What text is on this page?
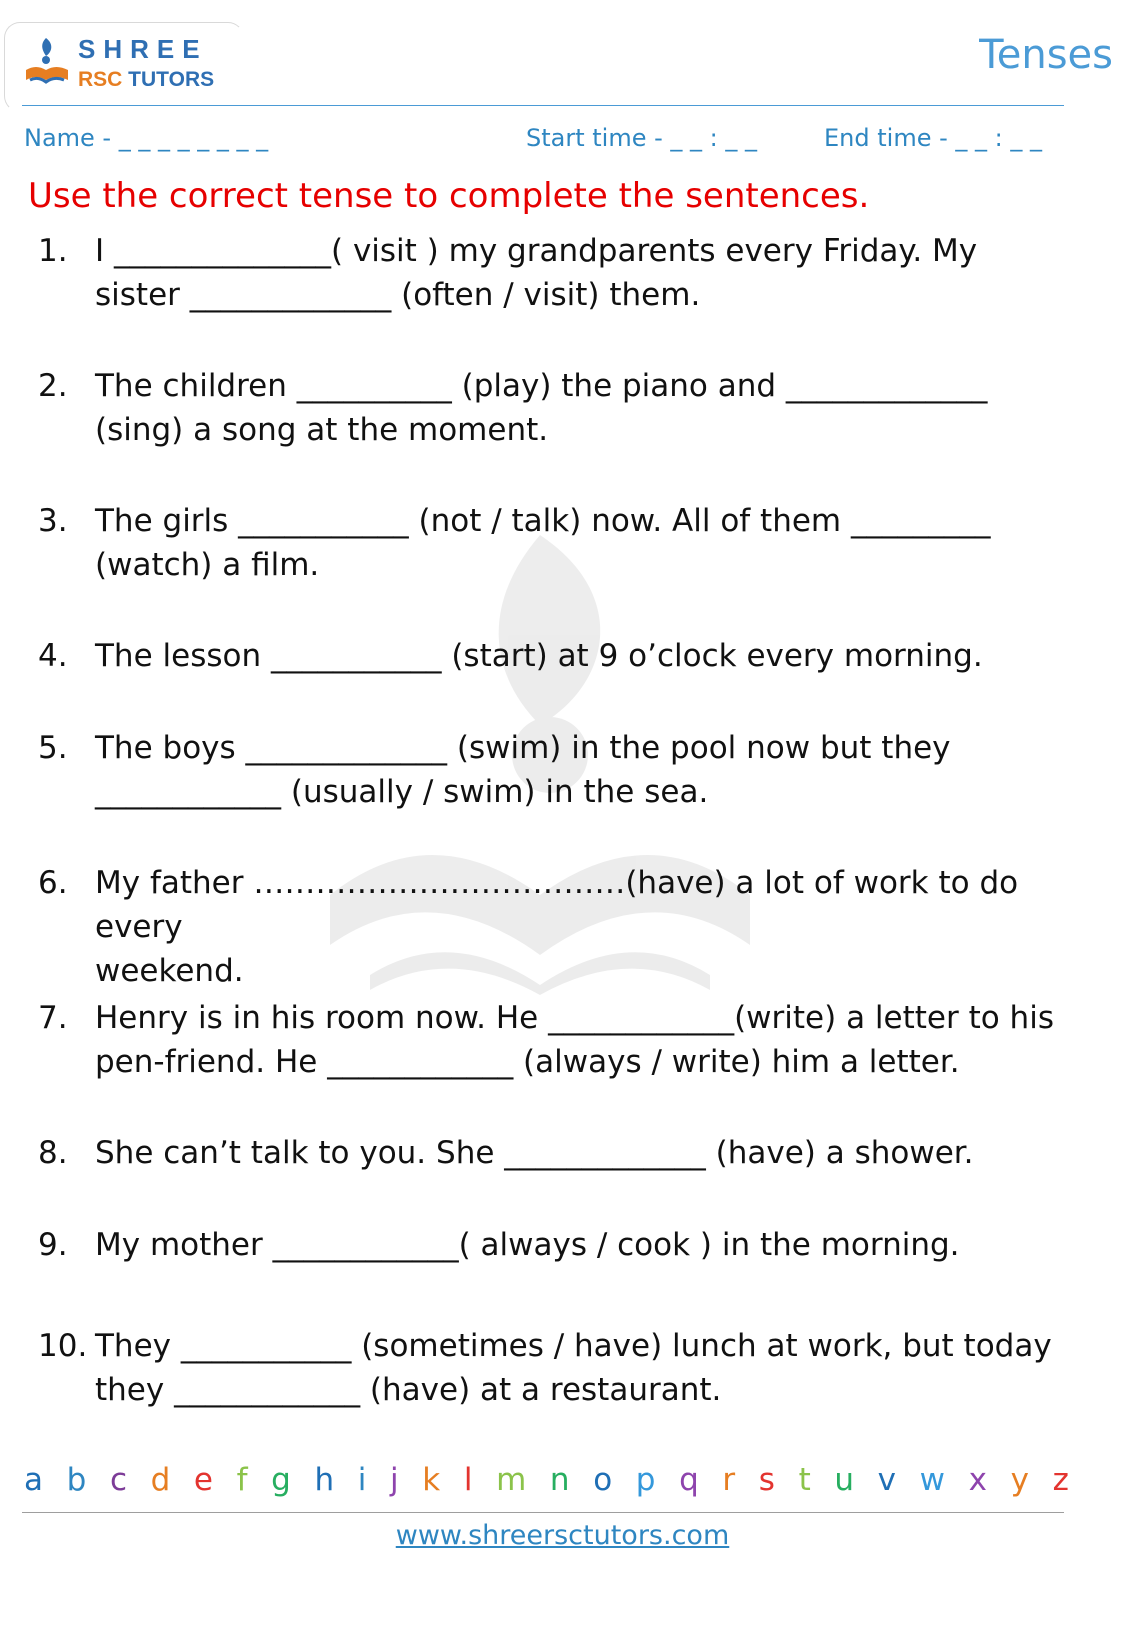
SHREE
RSC TUTORS
Tenses
Name - _ _ _ _ _ _ _ _	Start time - _ _ : _ _	End time - _ _ : _ _
Use the correct tense to complete the sentences.
1. I ______________( visit ) my grandparents every Friday. My
sister _____________ (often / visit) them.
2. The children __________ (play) the piano and _____________
(sing) a song at the moment.
3. The girls ___________ (not / talk) now. All of them _________
(watch) a film.
4. The lesson ___________ (start) at 9 o’clock every morning.
5. The boys _____________ (swim) in the pool now but they
____________ (usually / swim) in the sea.
6. My father ………………………………(have) a lot of work to do every
weekend.
7. Henry is in his room now. He ____________(write) a letter to his
pen-friend. He ____________ (always / write) him a letter.
8. She can’t talk to you. She _____________ (have) a shower.
9. My mother ____________( always / cook ) in the morning.
10. They ___________ (sometimes / have) lunch at work, but today
they ____________ (have) at a restaurant.
a b c d e f g h i j k l m n o p q r s t u v w x y z
www.shreersctutors.com
